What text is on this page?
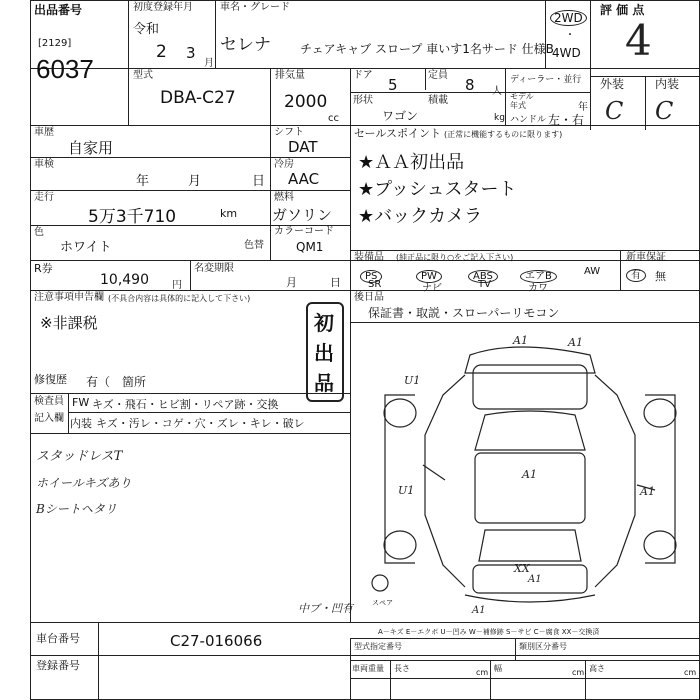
出品番号
[2129]
6037
初度登録年月
令和
2 3
月
車名・グレード
セレナ チェアキャブ スロープ 車いす1名サード 仕様B
2WD
・
4WD
評 価 点
4
外装	内装
C C
型式
DBA-C27
排気量
2000
cc
ドア
5
定員
8 人
ディーラー・並行
モデル年式	年
形状
ワゴン
積載
kg ハンドル 左・右
車歴
自家用
シフト
DAT
車検
年	月	日
冷房
AAC
走行
5万3千710	km
燃料
ガソリン
色
ホワイト	色替
カラーコード
QM1
R券
10,490 円
名変期限
月	日
注意事項申告欄 (不具合内容は具体的に記入して下さい)
※非課税
修復歴 有（　箇所
初出品
検査員
記入欄
FW キズ・飛石・ヒビ割・リペア跡・交換
内装 キズ・汚レ・コゲ・穴・ズレ・キレ・破レ
スタッドレスT
ホイールキズあり
Bシートヘタリ
セールスポイント (正常に機能するものに限ります)
★ＡＡ初出品
★プッシュスタート
★バックカメラ
装備品 (純正品に限り○をご記入下さい)
PS	PW	ABS	エアB	AW
SR	ナビ	TV	カワ
新車保証
有	無
後日品
保証書・取説・スローパーリモコン
A1	A1
U1
A1
U1	A1
XX
A1
A1
中ブ・凹有	スペア
A－キズ E－エクボ U－凹み W－補修跡 S－サビ C－腐食 XX－交換済
車台番号	C27-016066
登録番号
型式指定番号	類別区分番号
車両重量 長さ	cm 幅	cm 高さ	cm
